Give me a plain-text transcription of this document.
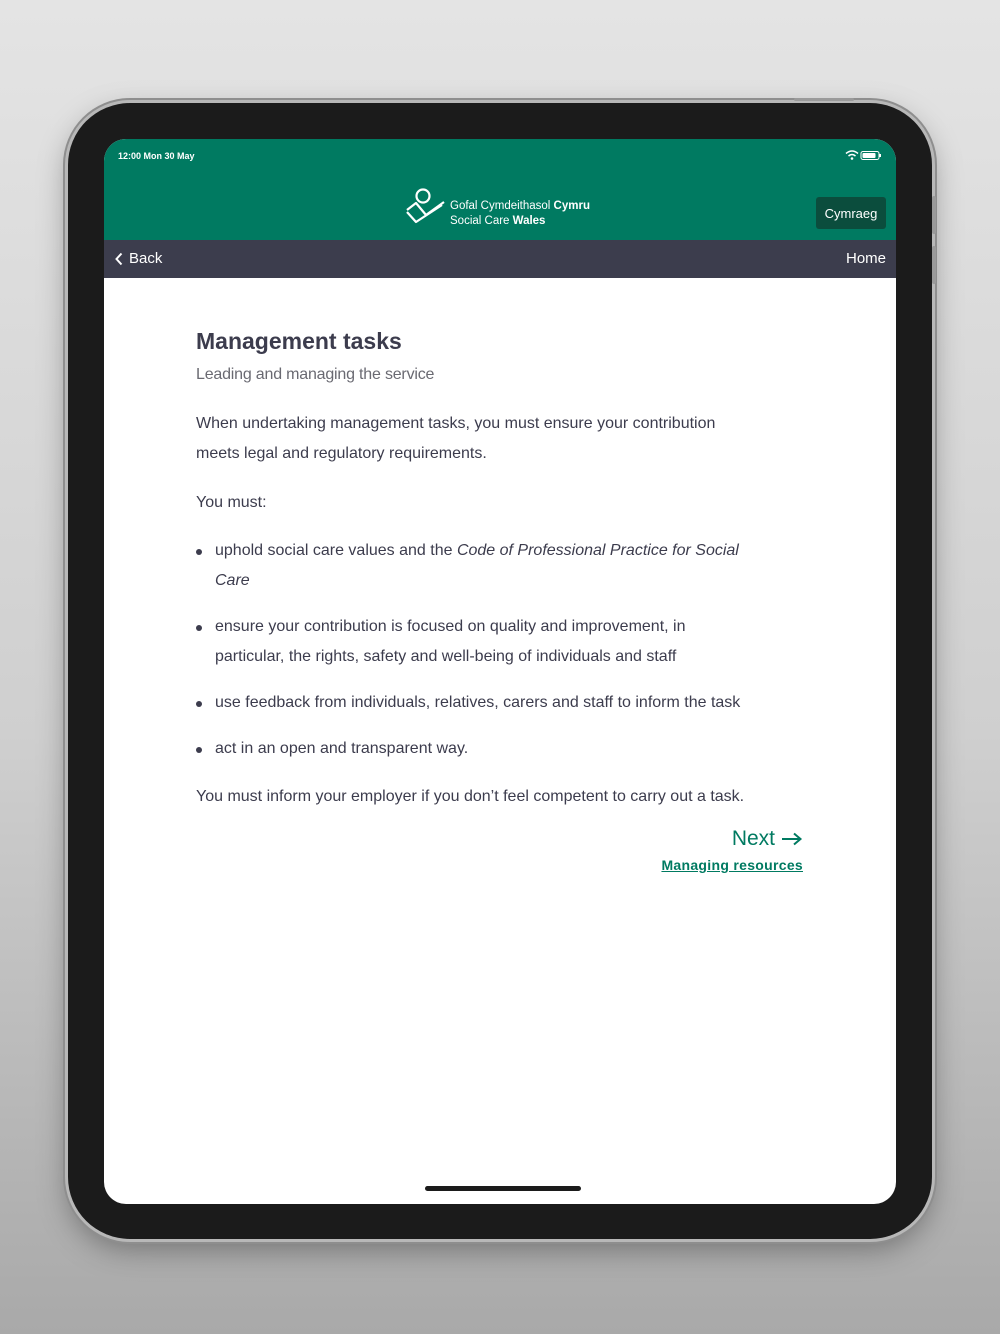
12:00 Mon 30 May
Gofal Cymdeithasol Cymru
Social Care Wales
Cymraeg
Back	Home
Management tasks
Leading and managing the service
When undertaking management tasks, you must ensure your contribution
meets legal and regulatory requirements.
You must:
uphold social care values and the Code of Professional Practice for Social
Care
ensure your contribution is focused on quality and improvement, in
particular, the rights, safety and well-being of individuals and staff
use feedback from individuals, relatives, carers and staff to inform the task
act in an open and transparent way.
You must inform your employer if you don’t feel competent to carry out a task.
Next
Managing resources
